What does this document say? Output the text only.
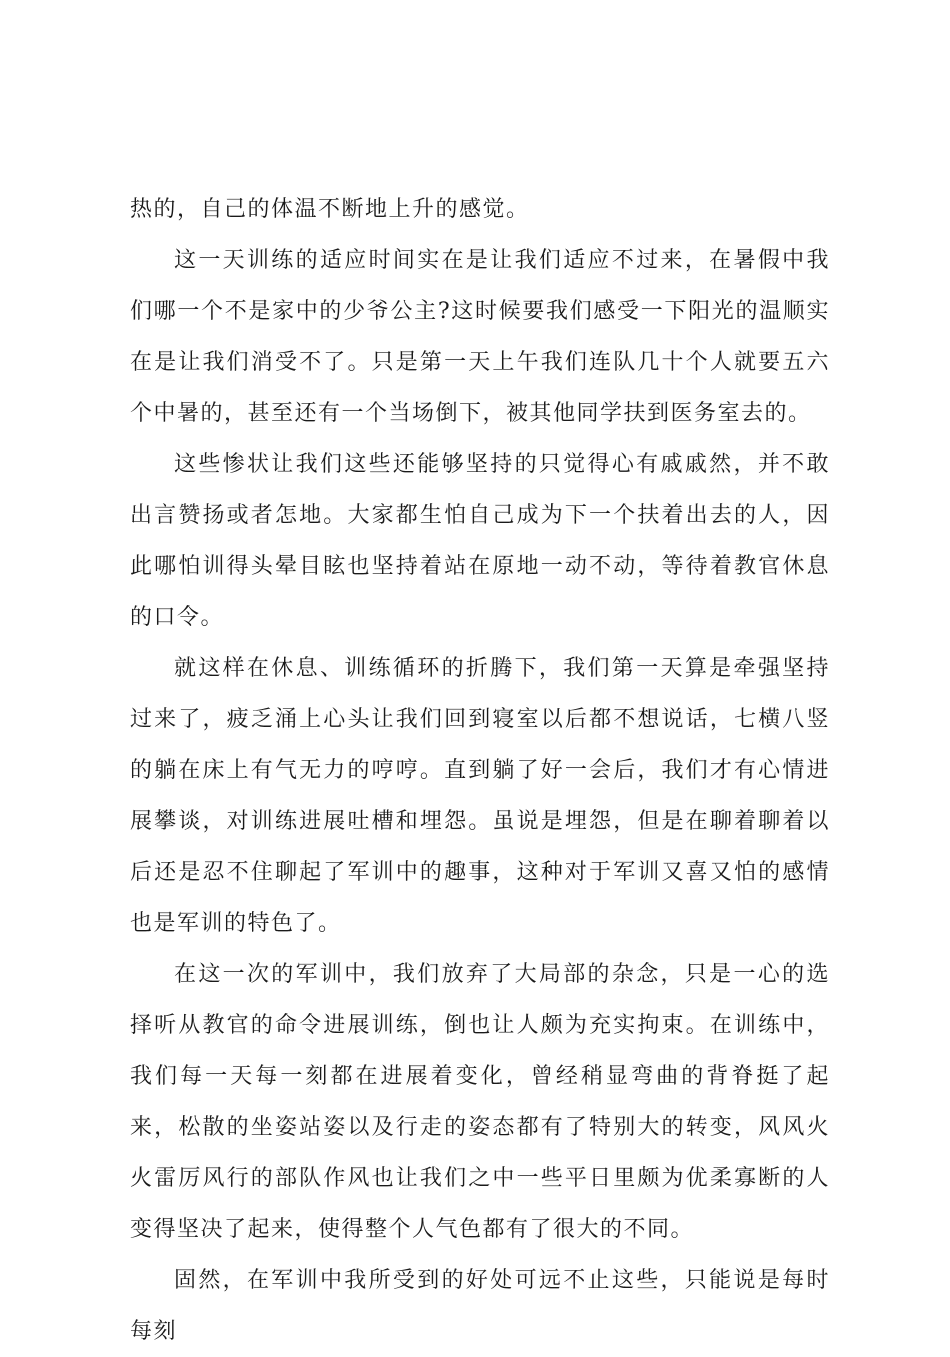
热的，自己的体温不断地上升的感觉。

这一天训练的适应时间实在是让我们适应不过来，在暑假中我们哪一个不是家中的少爷公主?这时候要我们感受一下阳光的温顺实在是让我们消受不了。只是第一天上午我们连队几十个人就要五六个中暑的，甚至还有一个当场倒下，被其他同学扶到医务室去的。

这些惨状让我们这些还能够坚持的只觉得心有戚戚然，并不敢出言赞扬或者怎地。大家都生怕自己成为下一个扶着出去的人，因此哪怕训得头晕目眩也坚持着站在原地一动不动，等待着教官休息的口令。

就这样在休息、训练循环的折腾下，我们第一天算是牵强坚持过来了，疲乏涌上心头让我们回到寝室以后都不想说话，七横八竖的躺在床上有气无力的哼哼。直到躺了好一会后，我们才有心情进展攀谈，对训练进展吐槽和埋怨。虽说是埋怨，但是在聊着聊着以后还是忍不住聊起了军训中的趣事，这种对于军训又喜又怕的感情也是军训的特色了。

在这一次的军训中，我们放弃了大局部的杂念，只是一心的选择听从教官的命令进展训练，倒也让人颇为充实拘束。在训练中，我们每一天每一刻都在进展着变化，曾经稍显弯曲的背脊挺了起来，松散的坐姿站姿以及行走的姿态都有了特别大的转变，风风火火雷厉风行的部队作风也让我们之中一些平日里颇为优柔寡断的人变得坚决了起来，使得整个人气色都有了很大的不同。

固然，在军训中我所受到的好处可远不止这些，只能说是每时每刻
